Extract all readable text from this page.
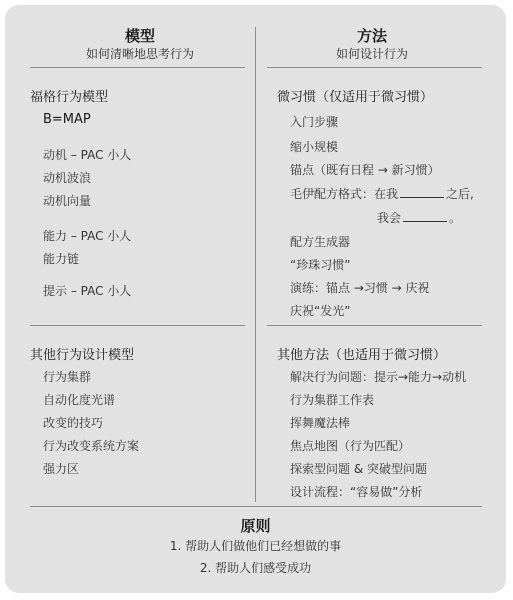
模型
如何清晰地思考行为
方法
如何设计行为
福格行为模型
B=MAP
动机 – PAC 小人
动机波浪
动机向量
能力 – PAC 小人
能力链
提示 – PAC 小人
微习惯（仅适用于微习惯）
入门步骤
缩小规模
锚点（既有日程 → 新习惯）
毛伊配方格式：在我	之后,
我会	。
配方生成器
“珍珠习惯”
演练：锚点 →习惯 → 庆祝
庆祝“发光”
其他行为设计模型
行为集群
自动化度光谱
改变的技巧
行为改变系统方案
强力区
其他方法（也适用于微习惯）
解决行为问题：提示→能力→动机
行为集群工作表
挥舞魔法棒
焦点地图（行为匹配）
探索型问题 & 突破型问题
设计流程：“容易做”分析
原则
1. 帮助人们做他们已经想做的事
2. 帮助人们感受成功
